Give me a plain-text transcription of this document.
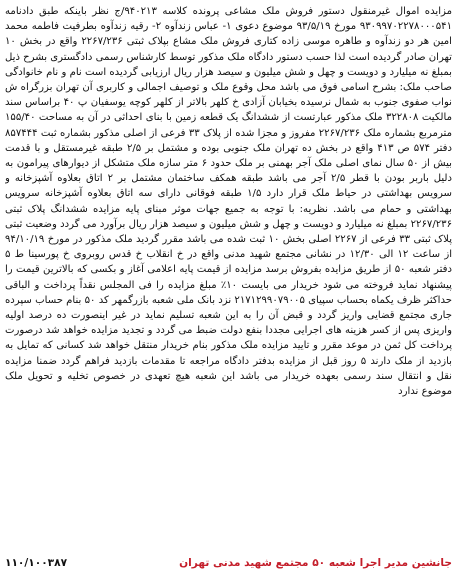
مزایده اموال غیرمنقول دستور فروش ملک مشاعی پرونده کلاسه ۹۴۰۲۱۳/ج نظر باینکه طبق دادنامه ۹۳۰۹۹۷۰۲۲۷۸۰۰۰۵۴۱ مورخ ۹۳/۵/۱۹ موضوع دعوی ۱- عباس زندآوه ۲- رقیه زندآوه بطرفیت فاطمه محمد امین هر دو زندآوه و طاهره موسی زاده کتاری فروش ملک مشاع بپلاک ثبتی ۲۲۶۷/۲۳۶ واقع در بخش ۱۰ تهران صادر گردیده است لذا حسب دستور دادگاه ملک مذکور توسط کارشناس رسمی دادگستری بشرح ذیل بمبلغ نه میلیارد و دویست و چهل و شش میلیون و سیصد هزار ریال ارزیابی گردیده است نام و نام خانوادگی صاحب ملک: بشرح اسامی فوق می باشد محل وقوع ملک و توصیف اجمالی و کاربری آن تهران بزرگراه ش نواب صفوی جنوب به شمال نرسیده بخیابان آزادی خ کلهر بالاتر از کلهر کوچه یوسفیان پ ۴۰ براساس سند مالکیت ۳۲۲۸۰۸ ملک مذکور عبارتست از ششدانگ یک قطعه زمین با بنای احداثی در آن به مساحت ۱۵۵/۴۰ مترمربع بشماره ملک ۲۲۶۷/۲۳۶ مفروز و مجزا شده از پلاک ۳۳ فرعی از اصلی مذکور بشماره ثبت ۸۵۷۴۴۴ دفتر ۵۷۴ ص ۴۱۳ واقع در بخش ده تهران ملک جنوبی بوده و مشتمل بر ۲/۵ طبقه غیرمستقل و با قدمت بیش از ۵۰ سال نمای اصلی ملک آجر بهمنی بر ملک حدود ۶ متر سازه ملک متشکل از دیوارهای پیرامون به دلیل باربر بودن با قطر ۲/۵ آجر می باشد طبقه همکف ساختمان مشتمل بر ۲ اتاق بعلاوه آشپزخانه و سرویس بهداشتی در حیاط ملک قرار دارد ۱/۵ طبقه فوقانی دارای سه اتاق بعلاوه آشپزخانه سرویس بهداشتی و حمام می باشد. نظریه: با توجه به جمیع جهات موثر مبنای پایه مزایده ششدانگ پلاک ثبتی ۲۲۶۷/۲۳۶ بمبلغ نه میلیارد و دویست و چهل و شش میلیون و سیصد هزار ریال برآورد می گردد وضعیت ثبتی پلاک ثبتی ۳۳ فرعی از ۲۲۶۷ اصلی بخش ۱۰ ثبت شده می باشد مقرر گردید ملک مذکور در مورخ ۹۴/۱۰/۱۹ از ساعت ۱۲ الی ۱۲/۳۰ در نشانی مجتمع شهید مدنی واقع در خ انقلاب خ قدس روبروی خ پورسینا ط ۵ دفتر شعبه ۵۰ از طریق مزایده بفروش برسد مزایده از قیمت پایه اعلامی آغاز و بکسی که بالاترین قیمت را پیشنهاد نماید فروخته می شود خریدار می بایست ۱۰٪ مبلغ مزایده را فی المجلس نقداً پرداخت و الباقی حداکثر ظرف یکماه بحساب سپیای ۲۱۷۱۲۹۹۰۷۹۰۰۵ نزد بانک ملی شعبه بازرگمهر کد ۵۰ بنام حساب سپرده جاری مجتمع قضایی واریز گردد و قبض آن را به این شعبه تسلیم نماید در غیر اینصورت ده درصد اولیه واریزی پس از کسر هزینه های اجرایی مجددا بنفع دولت ضبط می گردد و تجدید مزایده خواهد شد درصورت پرداخت کل ثمن در موعد مقرر و تایید مزایده ملک مذکور بنام خریدار منتقل خواهد شد کسانی که تمایل به بازدید از ملک دارند ۵ روز قبل از مزایده بدفتر دادگاه مراجعه تا مقدمات بازدید فراهم گردد ضمنا مزایده نقل و انتقال سند رسمی بعهده خریدار می باشد این شعبه هیچ تعهدی در خصوص تخلیه و تحویل ملک موضوع ندارد

جانشین مدیر اجرا شعبه ۵۰ مجتمع شهید مدنی تهران
۱۱۰/۱۰۰۳۸۷
